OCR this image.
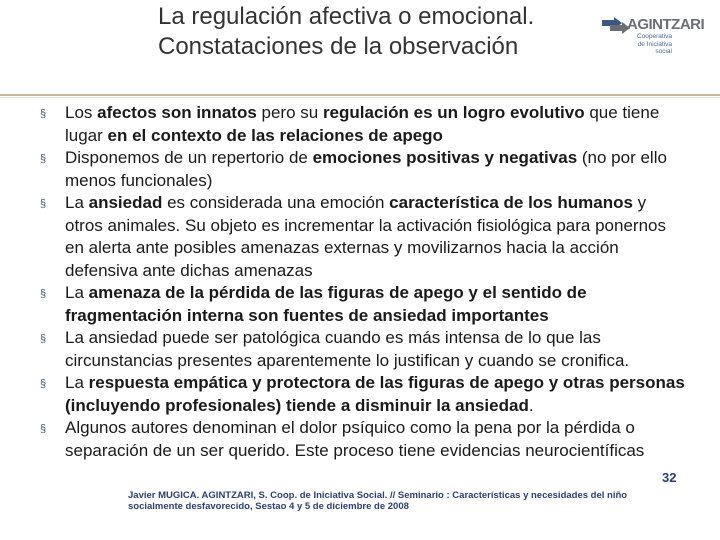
La regulación afectiva o emocional. Constataciones de la observación
AGINTZARI
Cooperativa
de Iniciativa
social
§ Los afectos son innatos pero su regulación es un logro evolutivo que tiene lugar en el contexto de las relaciones de apego
§ Disponemos de un repertorio de emociones positivas y negativas (no por ello menos funcionales)
§ La ansiedad es considerada una emoción característica de los humanos y otros animales. Su objeto es incrementar la activación fisiológica para ponernos en alerta ante posibles amenazas externas y movilizarnos hacia la acción defensiva ante dichas amenazas
§ La amenaza de la pérdida de las figuras de apego y el sentido de fragmentación interna son fuentes de ansiedad importantes
§ La ansiedad puede ser patológica cuando es más intensa de lo que las circunstancias presentes aparentemente lo justifican y cuando se cronifica.
§ La respuesta empática y protectora de las figuras de apego y otras personas (incluyendo profesionales) tiende a disminuir la ansiedad.
§ Algunos autores denominan el dolor psíquico como la pena por la pérdida o separación de un ser querido. Este proceso tiene evidencias neurocientíficas
Javier MUGICA. AGINTZARI, S. Coop. de Iniciativa Social. // Seminario : Características y necesidades del niño socialmente desfavorecido, Sestao 4 y 5 de diciembre de 2008
32
